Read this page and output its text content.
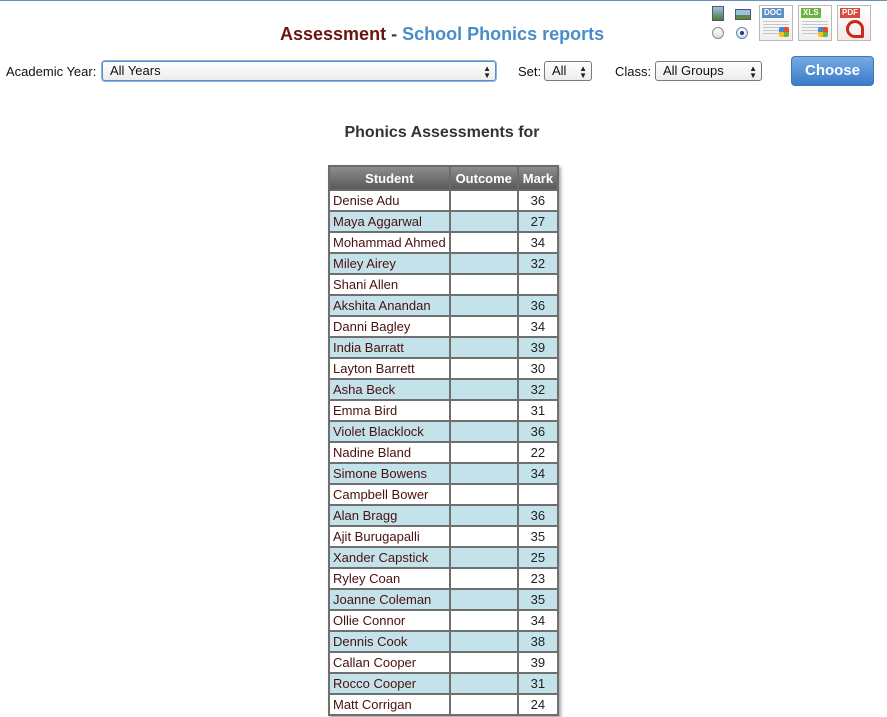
Assessment - School Phonics reports
DOC	XLS	PDF
Academic Year:	All Years	▲
▼ Set: All ▲
▼ Class: All Groups	▲
▼	Choose
Phonics Assessments for
Student	Outcome	Mark
Denise Adu		36
Maya Aggarwal		27
Mohammad Ahmed		34
Miley Airey		32
Shani Allen		
Akshita Anandan		36
Danni Bagley		34
India Barratt		39
Layton Barrett		30
Asha Beck		32
Emma Bird		31
Violet Blacklock		36
Nadine Bland		22
Simone Bowens		34
Campbell Bower		
Alan Bragg		36
Ajit Burugapalli		35
Xander Capstick		25
Ryley Coan		23
Joanne Coleman		35
Ollie Connor		34
Dennis Cook		38
Callan Cooper		39
Rocco Cooper		31
Matt Corrigan		24
